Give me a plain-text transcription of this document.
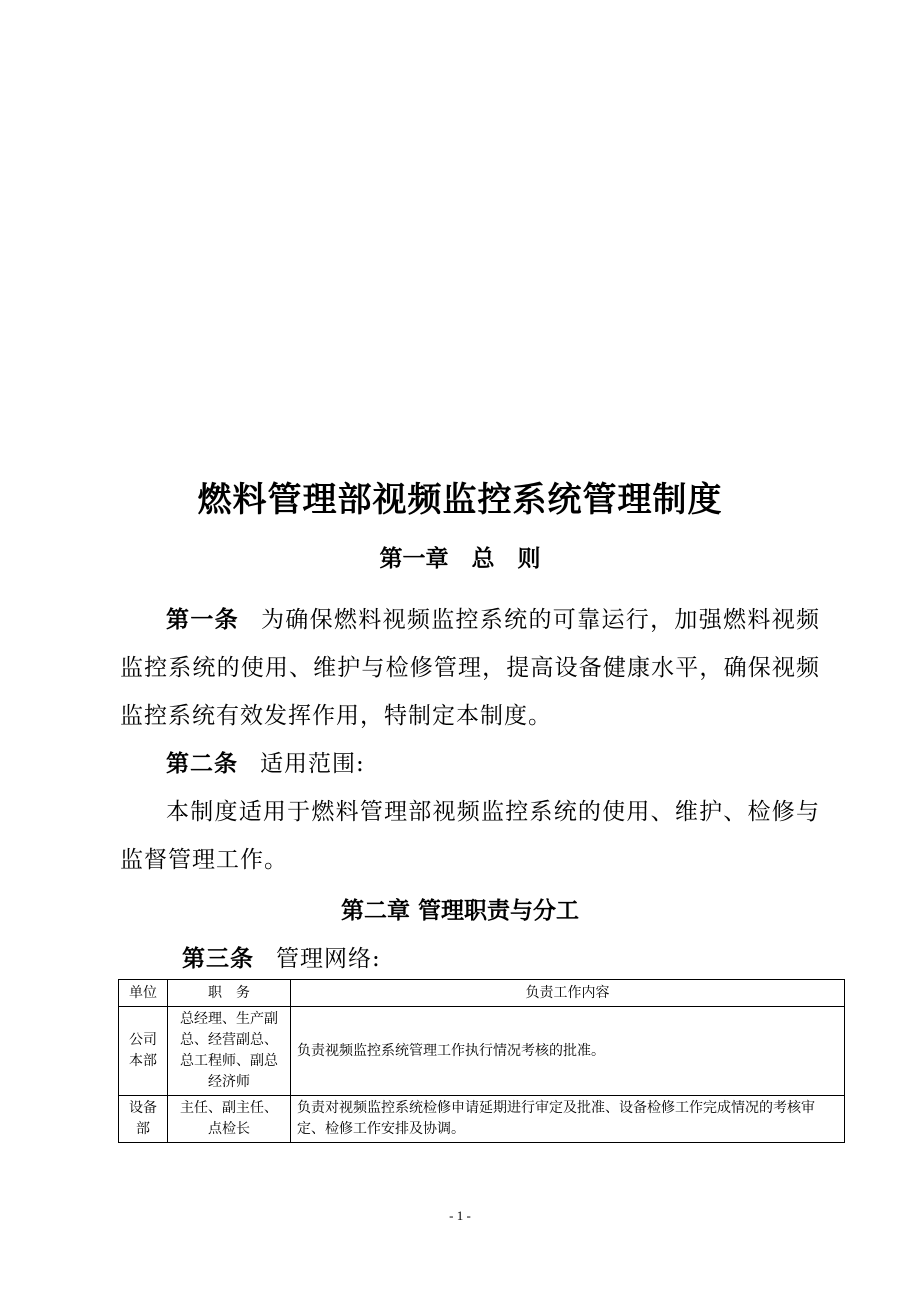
燃料管理部视频监控系统管理制度
第一章　总　则
第一条 为确保燃料视频监控系统的可靠运行，加强燃料视频监控系统的使用、维护与检修管理，提高设备健康水平，确保视频监控系统有效发挥作用，特制定本制度。
第二条 适用范围:
本制度适用于燃料管理部视频监控系统的使用、维护、检修与监督管理工作。
第二章 管理职责与分工
第三条 管理网络:
单位	职　务	负责工作内容
公司本部	总经理、生产副总、经营副总、总工程师、副总经济师	负责视频监控系统管理工作执行情况考核的批准。
设备部	主任、副主任、点检长	负责对视频监控系统检修申请延期进行审定及批准、设备检修工作完成情况的考核审定、检修工作安排及协调。
- 1 -
